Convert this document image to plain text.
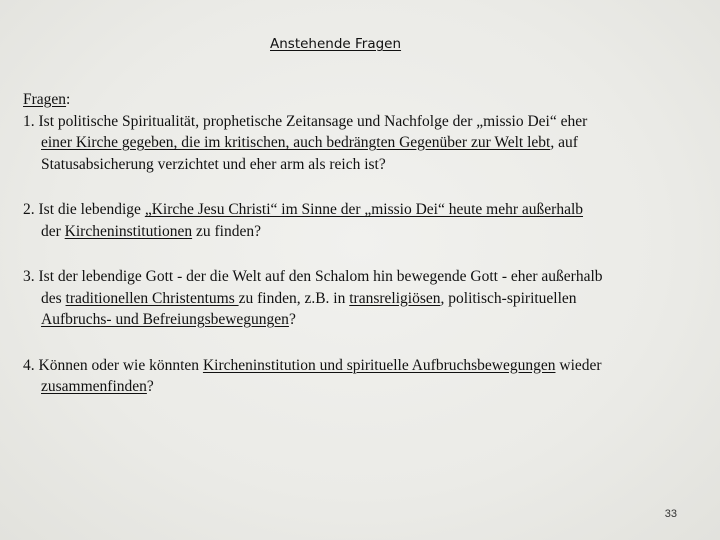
Anstehende Fragen
Fragen:
1. Ist politische Spiritualität, prophetische Zeitansage und Nachfolge der „missio Dei“ eher
einer Kirche gegeben, die im kritischen, auch bedrängten Gegenüber zur Welt lebt, auf
Statusabsicherung verzichtet und eher arm als reich ist?
2. Ist die lebendige „Kirche Jesu Christi“ im Sinne der „missio Dei“ heute mehr außerhalb
der Kircheninstitutionen zu finden?
3. Ist der lebendige Gott - der die Welt auf den Schalom hin bewegende Gott - eher außerhalb
des traditionellen Christentums zu finden, z.B. in transreligiösen, politisch-spirituellen
Aufbruchs- und Befreiungsbewegungen?
4. Können oder wie könnten Kircheninstitution und spirituelle Aufbruchsbewegungen wieder
zusammenfinden?
33
